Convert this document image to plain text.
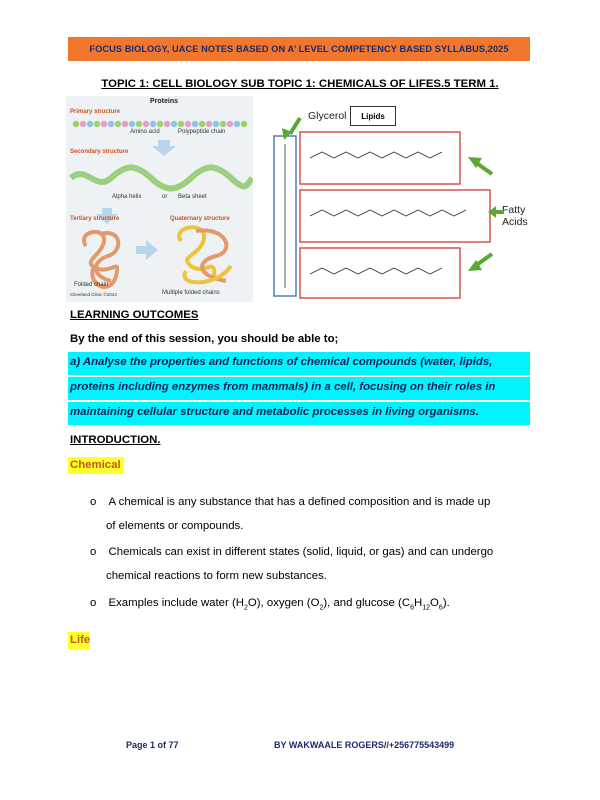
FOCUS BIOLOGY, UACE NOTES BASED ON A’ LEVEL COMPETENCY BASED SYLLABUS,2025
TOPIC 1: CELL BIOLOGY SUB TOPIC 1: CHEMICALS OF LIFES.5 TERM 1.
Proteins
Primary structure
Amino acid	Polypeptide chain
Secondary structure
Alpha helix	or Beta sheet
Tertiary structure	Quaternary structure
Folded chain
Multiple folded chains
Cleveland Clinic ©2024
Lipids
Glycerol
Fatty
Acids
LEARNING OUTCOMES
By the end of this session, you should be able to;
a) Analyse the properties and functions of chemical compounds (water, lipids,
proteins including enzymes from mammals) in a cell, focusing on their roles in
maintaining cellular structure and metabolic processes in living organisms.
INTRODUCTION.
Chemical
o A chemical is any substance that has a defined composition and is made up
of elements or compounds.
o Chemicals can exist in different states (solid, liquid, or gas) and can undergo
chemical reactions to form new substances.
o Examples include water $(H_2O)$, oxygen $(O_2)$, and glucose $(C_6H_{12}O_6)$.
Life
Page 1 of 77	BY WAKWAALE ROGERS//+256775543499
